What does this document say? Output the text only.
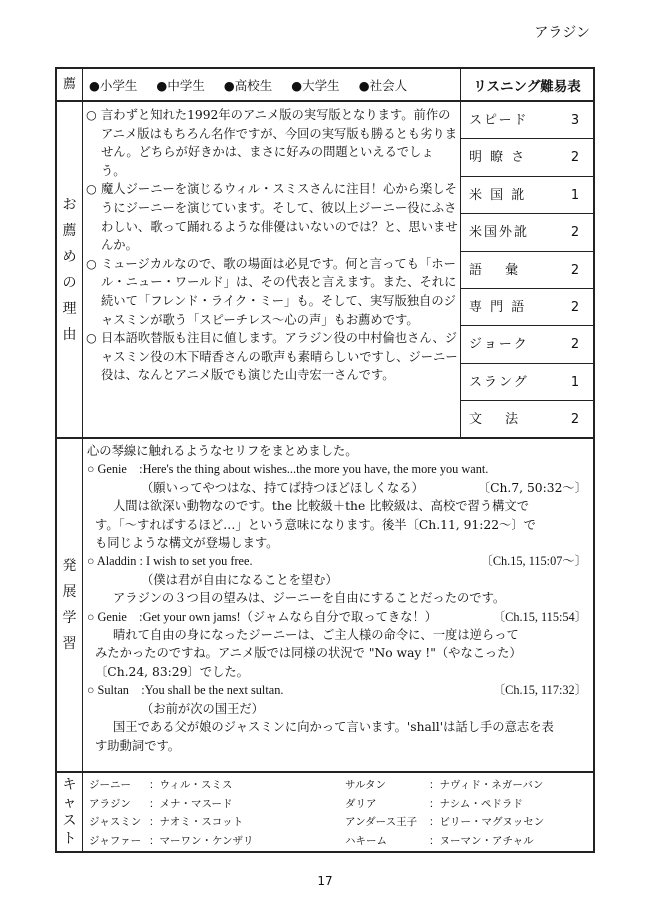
アラジン
薦 ●小学生 ●中学生 ●高校生 ●大学生 ●社会人	リスニング難易表
お
薦
め
の
理
由

○ 言わずと知れた1992年のアニメ版の実写版となります。前作のアニメ版はもちろん名作ですが、今回の実写版も勝るとも劣りません。どちらが好きかは、まさに好みの問題といえるでしょう。

○ 魔人ジーニーを演じるウィル・スミスさんに注目！心から楽しそうにジーニーを演じています。そして、彼以上ジーニー役にふさわしい、歌って踊れるような俳優はいないのでは？と、思いませんか。

○ ミュージカルなので、歌の場面は必見です。何と言っても「ホール・ニュー・ワールド」は、その代表と言えます。また、それに続いて「フレンド・ライク・ミー」も。そして、実写版独自のジャスミンが歌う「スピーチレス～心の声」もお薦めです。

○ 日本語吹替版も注目に値します。アラジン役の中村倫也さん、ジャスミン役の木下晴香さんの歌声も素晴らしいですし、ジーニー役は、なんとアニメ版でも演じた山寺宏一さんです。

スピード	3
明 瞭 さ	2
米 国 訛	1
米国外訛	2
語　 彙	2
専 門 語	2
ジョーク	2
スラング	1
文　 法	2
発
展
学
習

心の琴線に触れるようなセリフをまとめました。

○ Genie　:Here's the thing about wishes...the more you have, the more you want.
（願いってやつはな、持てば持つほどほしくなる）	〔Ch.7, 50:32～〕
人間は欲深い動物なのです。the 比較級＋the 比較級は、高校で習う構文で
す。「～すればするほど…」という意味になります。後半〔Ch.11, 91:22～〕で
も同じような構文が登場します。
○ Aladdin : I wish to set you free.	〔Ch.15, 115:07～〕
（僕は君が自由になることを望む）
アラジンの３つ目の望みは、ジーニーを自由にすることだったのです。
○ Genie　:Get your own jams!（ジャムなら自分で取ってきな！）	〔Ch.15, 115:54〕
晴れて自由の身になったジーニーは、ご主人様の命令に、一度は逆らって
みたかったのですね。アニメ版では同様の状況で "No way !"（やなこった）
〔Ch.24, 83:29〕でした。
○ Sultan　:You shall be the next sultan.	〔Ch.15, 117:32〕
（お前が次の国王だ）
国王である父が娘のジャスミンに向かって言います。'shall'は話し手の意志を表
す助動詞です。
キ
ャ
ス
ト
ジーニー ：ウィル・スミス	サルタン	：ナヴィド・ネガーバン
アラジン ：メナ・マスード	ダリア	：ナシム・ペドラド
ジャスミン ：ナオミ・スコット	アンダース王子 ：ビリー・マグヌッセン
ジャファー ：マーワン・ケンザリ	ハキーム	：ヌーマン・アチャル
17
